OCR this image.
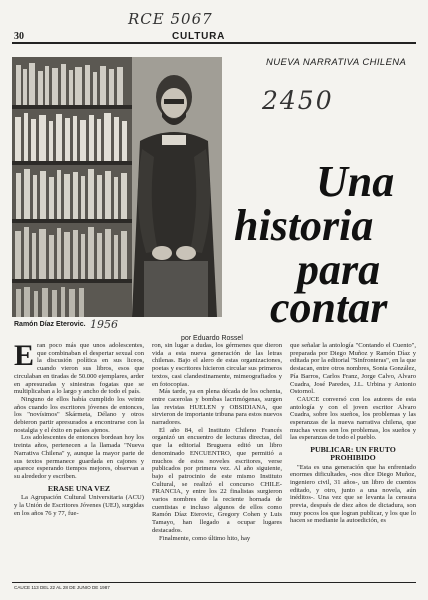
RCE 5067
2450
1956
30	CULTURA
NUEVA NARRATIVA CHILENA
Ramón Díaz Eterovic.
Una
historia
para
contar
por Eduardo Rossel

E ran poco más que unos adolescentes, que combinaban el despertar sexual con la discusión política en sus liceos, cuando vieron sus libros, esos que circulaban en tiradas de 50.000 ejemplares, arder en apresuradas y siniestras fogatas que se multiplicaban a lo largo y ancho de todo el país.

Ninguno de ellos había cumplido los veinte años cuando los escritores jóvenes de entonces, los "novísimos" Skármeta, Délano y otros debieron partir apresurados a encontrarse con la nostalgia y el éxito en países ajenos.

Los adolescentes de entonces bordean hoy los treinta años, pertenecen a la llamada "Nueva Narrativa Chilena" y, aunque la mayor parte de sus textos permanece guardada en cajones y aparece esperando tiempos mejores, observan a su alrededor y escriben.

ERASE UNA VEZ

La Agrupación Cultural Universitaria (ACU) y la Unión de Escritores Jóvenes (UEJ), surgidas en los años 76 y 77, fue-

ron, sin lugar a dudas, los gérmenes que dieron vida a esta nueva generación de las letras chilenas. Bajo el alero de estas organizaciones, poetas y escritores hicieron circular sus primeros textos, casi clandestinamente, mimeografiados y en fotocopias.

Más tarde, ya en plena década de los ochenta, entre cacerolas y bombas lacrimógenas, surgen las revistas HUELEN y OBSIDIANA, que sirvieron de importante tribuna para estos nuevos narradores.

El año 84, el Instituto Chileno Francés organizó un encuentro de lecturas directas, del que la editorial Bruguera editó un libro denominado ENCUENTRO, que permitió a muchos de estos noveles escritores, verse publicados por primera vez. Al año siguiente, bajo el patrocinio de este mismo Instituto Cultural, se realizó el concurso CHILE-FRANCIA, y entre los 22 finalistas surgieron varios nombres de la reciente hornada de cuentistas e incluso algunos de ellos como Ramón Díaz Eterovic, Gregory Cohen y Luis Tamayo, han llegado a ocupar lugares destacados.

Finalmente, como último hito, hay

que señalar la antología "Contando el Cuento", preparada por Diego Muñoz y Ramón Díaz y editada por la editorial "Sinfronteras", en la que destacan, entre otros nombres, Sonia González, Pía Barros, Carlos Franz, Jorge Calvo, Alvaro Cuadra, José Paredes, J.L. Urbina y Antonio Ostornol.

CAUCE conversó con los autores de esta antología y con el joven escritor Alvaro Cuadra, sobre los sueños, los problemas y las esperanzas de la nueva narrativa chilena, que muchas veces son los problemas, los sueños y las esperanzas de todo el pueblo.

PUBLICAR: UN FRUTO PROHIBIDO

"Esta es una generación que ha enfrentado enormes dificultades, -nos dice Diego Muñoz, ingeniero civil, 31 años-, un libro de cuentos editado, y otro, junto a una novela, aún inéditos-. Una vez que se levanta la censura previa, después de diez años de dictadura, son muy pocos los que logran publicar, y los que lo hacen se mediante la autoedición, es

CAUCE 113 DEL 22 AL 28 DE JUNIO DE 1987
